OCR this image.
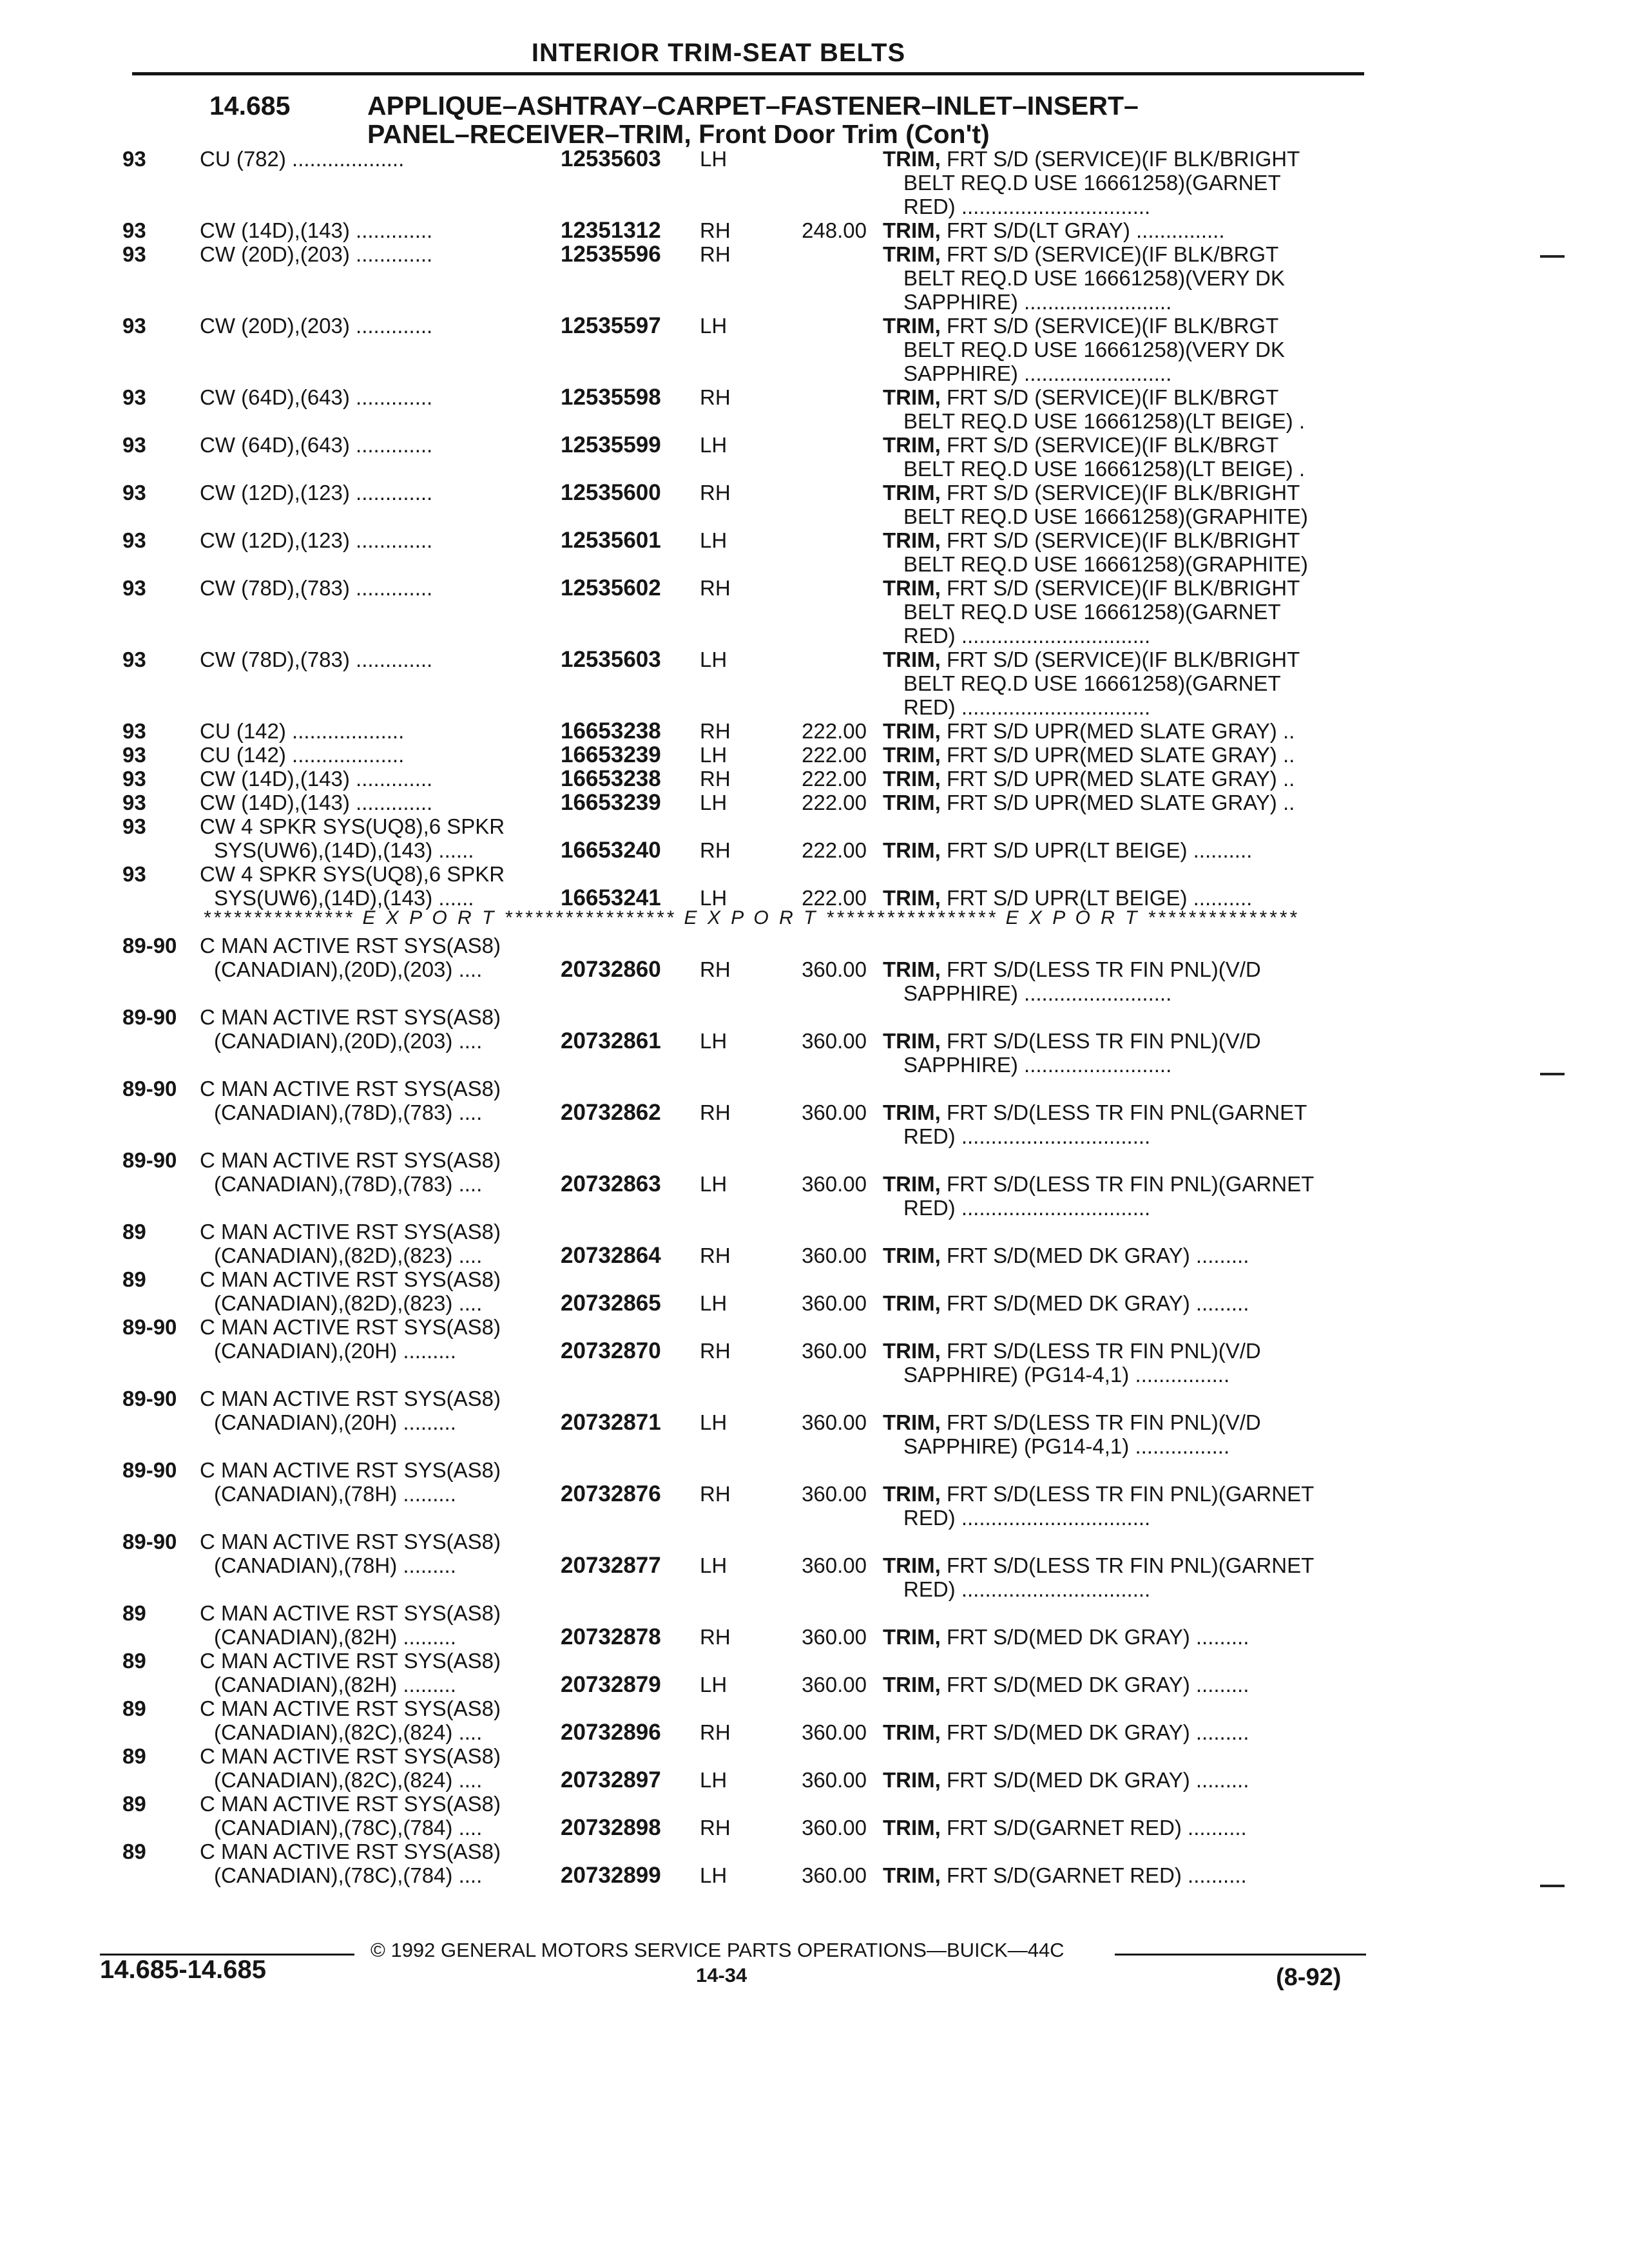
INTERIOR TRIM-SEAT BELTS
14.685	APPLIQUE–ASHTRAY–CARPET–FASTENER–INLET–INSERT–
PANEL–RECEIVER–TRIM, Front Door Trim (Con't)
93	CU (782) ...................	12535603 LH	TRIM, FRT S/D (SERVICE)(IF BLK/BRIGHT
BELT REQ.D USE 16661258)(GARNET
RED) ................................
93	CW (14D),(143) .............	12351312 RH	248.00 TRIM, FRT S/D(LT GRAY) ...............
93	CW (20D),(203) .............	12535596 RH	TRIM, FRT S/D (SERVICE)(IF BLK/BRGT
BELT REQ.D USE 16661258)(VERY DK
SAPPHIRE) .........................
93	CW (20D),(203) .............	12535597 LH	TRIM, FRT S/D (SERVICE)(IF BLK/BRGT
BELT REQ.D USE 16661258)(VERY DK
SAPPHIRE) .........................
93	CW (64D),(643) .............	12535598 RH	TRIM, FRT S/D (SERVICE)(IF BLK/BRGT
BELT REQ.D USE 16661258)(LT BEIGE) .
93	CW (64D),(643) .............	12535599 LH	TRIM, FRT S/D (SERVICE)(IF BLK/BRGT
BELT REQ.D USE 16661258)(LT BEIGE) .
93	CW (12D),(123) .............	12535600 RH	TRIM, FRT S/D (SERVICE)(IF BLK/BRIGHT
BELT REQ.D USE 16661258)(GRAPHITE)
93	CW (12D),(123) .............	12535601 LH	TRIM, FRT S/D (SERVICE)(IF BLK/BRIGHT
BELT REQ.D USE 16661258)(GRAPHITE)
93	CW (78D),(783) .............	12535602 RH	TRIM, FRT S/D (SERVICE)(IF BLK/BRIGHT
BELT REQ.D USE 16661258)(GARNET
RED) ................................
93	CW (78D),(783) .............	12535603 LH	TRIM, FRT S/D (SERVICE)(IF BLK/BRIGHT
BELT REQ.D USE 16661258)(GARNET
RED) ................................
93	CU (142) ...................	16653238 RH	222.00 TRIM, FRT S/D UPR(MED SLATE GRAY) ..
93	CU (142) ...................	16653239 LH	222.00 TRIM, FRT S/D UPR(MED SLATE GRAY) ..
93	CW (14D),(143) .............	16653238 RH	222.00 TRIM, FRT S/D UPR(MED SLATE GRAY) ..
93	CW (14D),(143) .............	16653239 LH	222.00 TRIM, FRT S/D UPR(MED SLATE GRAY) ..
93	CW 4 SPKR SYS(UQ8),6 SPKR
SYS(UW6),(14D),(143) ......	16653240 RH	222.00 TRIM, FRT S/D UPR(LT BEIGE) ..........
93	CW 4 SPKR SYS(UQ8),6 SPKR
SYS(UW6),(14D),(143) ......	16653241 LH	222.00 TRIM, FRT S/D UPR(LT BEIGE) ..........
*************** E X P O R T ***************** E X P O R T ***************** E X P O R T ***************
89-90 C MAN ACTIVE RST SYS(AS8)
(CANADIAN),(20D),(203) ....	20732860 RH	360.00 TRIM, FRT S/D(LESS TR FIN PNL)(V/D
SAPPHIRE) .........................
89-90 C MAN ACTIVE RST SYS(AS8)
(CANADIAN),(20D),(203) ....	20732861 LH	360.00 TRIM, FRT S/D(LESS TR FIN PNL)(V/D
SAPPHIRE) .........................
89-90 C MAN ACTIVE RST SYS(AS8)
(CANADIAN),(78D),(783) ....	20732862 RH	360.00 TRIM, FRT S/D(LESS TR FIN PNL(GARNET
RED) ................................
89-90 C MAN ACTIVE RST SYS(AS8)
(CANADIAN),(78D),(783) ....	20732863 LH	360.00 TRIM, FRT S/D(LESS TR FIN PNL)(GARNET
RED) ................................
89	C MAN ACTIVE RST SYS(AS8)
(CANADIAN),(82D),(823) ....	20732864 RH	360.00 TRIM, FRT S/D(MED DK GRAY) .........
89	C MAN ACTIVE RST SYS(AS8)
(CANADIAN),(82D),(823) ....	20732865 LH	360.00 TRIM, FRT S/D(MED DK GRAY) .........
89-90 C MAN ACTIVE RST SYS(AS8)
(CANADIAN),(20H) .........	20732870 RH	360.00 TRIM, FRT S/D(LESS TR FIN PNL)(V/D
SAPPHIRE) (PG14-4,1) ................
89-90 C MAN ACTIVE RST SYS(AS8)
(CANADIAN),(20H) .........	20732871 LH	360.00 TRIM, FRT S/D(LESS TR FIN PNL)(V/D
SAPPHIRE) (PG14-4,1) ................
89-90 C MAN ACTIVE RST SYS(AS8)
(CANADIAN),(78H) .........	20732876 RH	360.00 TRIM, FRT S/D(LESS TR FIN PNL)(GARNET
RED) ................................
89-90 C MAN ACTIVE RST SYS(AS8)
(CANADIAN),(78H) .........	20732877 LH	360.00 TRIM, FRT S/D(LESS TR FIN PNL)(GARNET
RED) ................................
89	C MAN ACTIVE RST SYS(AS8)
(CANADIAN),(82H) .........	20732878 RH	360.00 TRIM, FRT S/D(MED DK GRAY) .........
89	C MAN ACTIVE RST SYS(AS8)
(CANADIAN),(82H) .........	20732879 LH	360.00 TRIM, FRT S/D(MED DK GRAY) .........
89	C MAN ACTIVE RST SYS(AS8)
(CANADIAN),(82C),(824) ....	20732896 RH	360.00 TRIM, FRT S/D(MED DK GRAY) .........
89	C MAN ACTIVE RST SYS(AS8)
(CANADIAN),(82C),(824) ....	20732897 LH	360.00 TRIM, FRT S/D(MED DK GRAY) .........
89	C MAN ACTIVE RST SYS(AS8)
(CANADIAN),(78C),(784) ....	20732898 RH	360.00 TRIM, FRT S/D(GARNET RED) ..........
89	C MAN ACTIVE RST SYS(AS8)
(CANADIAN),(78C),(784) ....	20732899 LH	360.00 TRIM, FRT S/D(GARNET RED) ..........
© 1992 GENERAL MOTORS SERVICE PARTS OPERATIONS—BUICK—44C
14.685-14.685	14-34	(8-92)
